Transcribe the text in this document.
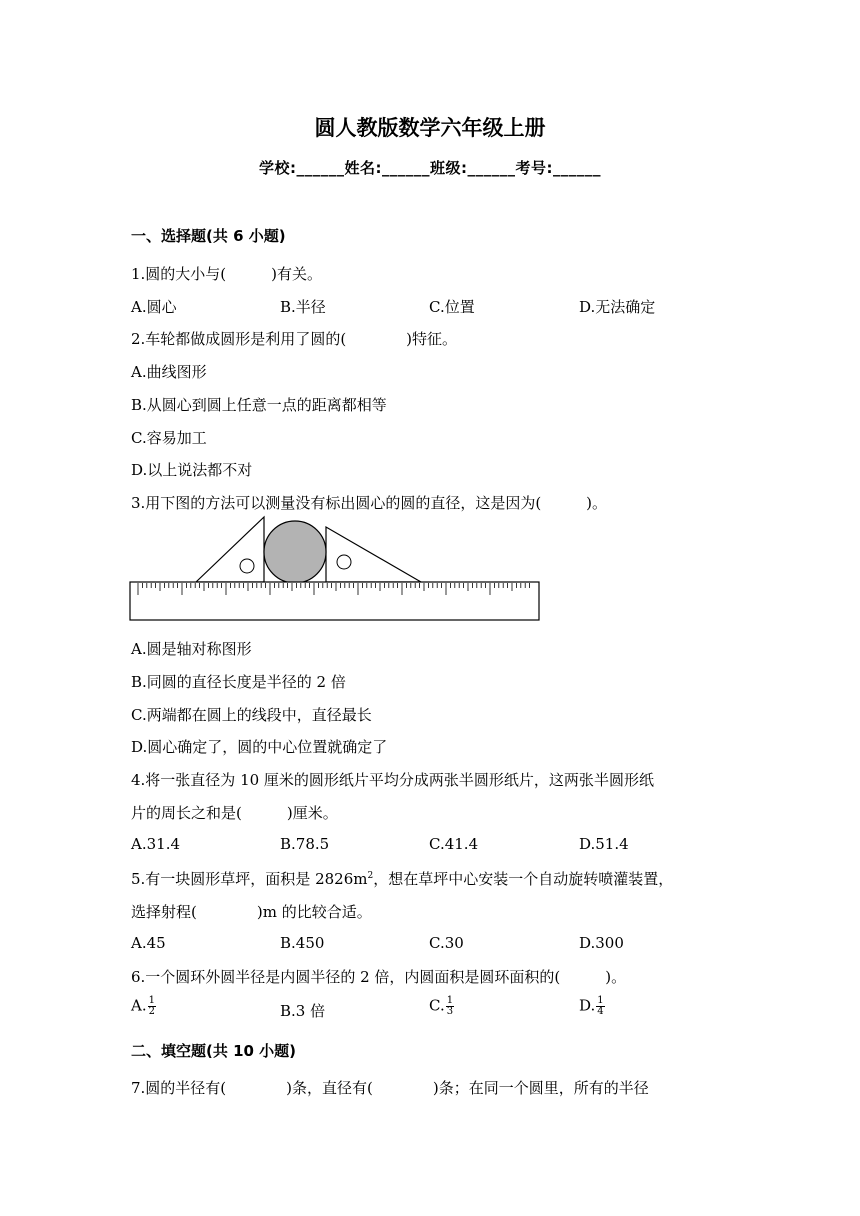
圆人教版数学六年级上册
学校:______姓名:______班级:______考号:______
一、选择题(共 6 小题)
1.圆的大小与(　　　)有关。
A.圆心	B.半径	C.位置	D.无法确定
2.车轮都做成圆形是利用了圆的(　　　　)特征。
A.曲线图形
B.从圆心到圆上任意一点的距离都相等
C.容易加工
D.以上说法都不对
3.用下图的方法可以测量没有标出圆心的圆的直径，这是因为(　　　)。
A.圆是轴对称图形
B.同圆的直径长度是半径的 2 倍
C.两端都在圆上的线段中，直径最长
D.圆心确定了，圆的中心位置就确定了
4.将一张直径为 10 厘米的圆形纸片平均分成两张半圆形纸片，这两张半圆形纸
片的周长之和是(　　　)厘米。
A.31.4	B.78.5	C.41.4	D.51.4
5.有一块圆形草坪，面积是 $2826m^2$，想在草坪中心安装一个自动旋转喷灌装置，
选择射程(　　　　)m 的比较合适。
A.45	B.450	C.30	D.300
6.一个圆环外圆半径是内圆半径的 2 倍，内圆面积是圆环面积的(　　　)。
A. $\frac{1}{2}$	B.3 倍	C. $\frac{1}{3}$	D. $\frac{1}{4}$
二、填空题(共 10 小题)
7.圆的半径有(　　　　)条，直径有(　　　　)条；在同一个圆里，所有的半径
